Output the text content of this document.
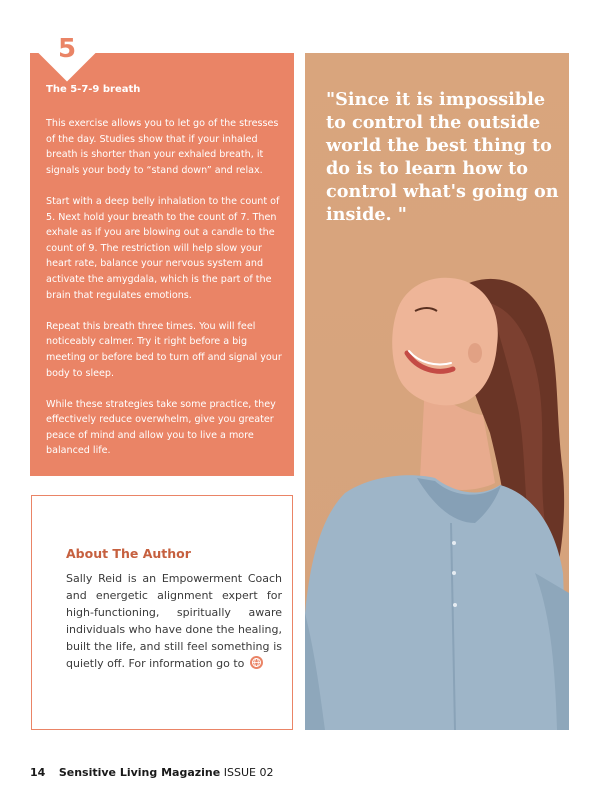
5
The 5-7-9 breath

This exercise allows you to let go of the stresses of the day. Studies show that if your inhaled breath is shorter than your exhaled breath, it signals your body to “stand down” and relax.

Start with a deep belly inhalation to the count of 5. Next hold your breath to the count of 7. Then exhale as if you are blowing out a candle to the count of 9. The restriction will help slow your heart rate, balance your nervous system and activate the amygdala, which is the part of the brain that regulates emotions.

Repeat this breath three times. You will feel noticeably calmer. Try it right before a big meeting or before bed to turn off and signal your body to sleep.

While these strategies take some practice, they effectively reduce overwhelm, give you greater peace of mind and allow you to live a more balanced life.

"Since it is impossible to control the outside world the best thing to do is to learn how to control what's going on inside. "
About The Author
Sally Reid is an Empowerment Coach and energetic alignment expert for high-functioning, spiritually aware individuals who have done the healing, built the life, and still feel something is quietly off. For information go to
14 Sensitive Living Magazine ISSUE 02
